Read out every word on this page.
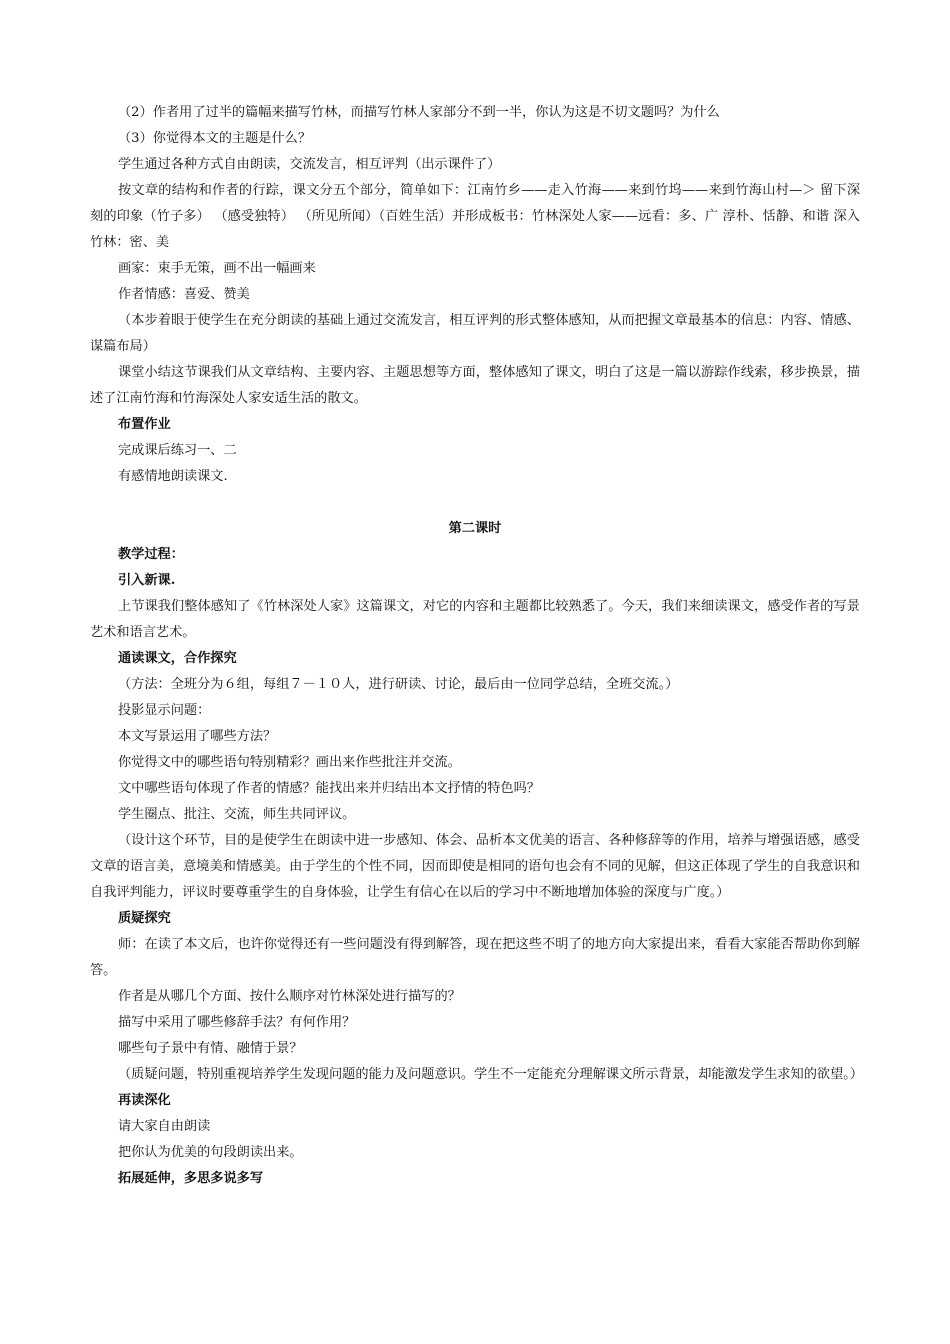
（2）作者用了过半的篇幅来描写竹林，而描写竹林人家部分不到一半，你认为这是不切文题吗？为什么

（3）你觉得本文的主题是什么？

学生通过各种方式自由朗读，交流发言，相互评判（出示课件了）

按文章的结构和作者的行踪，课文分五个部分，简单如下：江南竹乡——走入竹海——来到竹坞——来到竹海山村—＞ 留下深刻的印象（竹子多） （感受独特） （所见所闻）（百姓生活）并形成板书：竹林深处人家——远看：多、广 淳朴、恬静、和谐 深入竹林：密、美

画家：束手无策，画不出一幅画来

作者情感：喜爱、赞美

（本步着眼于使学生在充分朗读的基础上通过交流发言，相互评判的形式整体感知，从而把握文章最基本的信息：内容、情感、谋篇布局）

课堂小结这节课我们从文章结构、主要内容、主题思想等方面，整体感知了课文，明白了这是一篇以游踪作线索，移步换景，描述了江南竹海和竹海深处人家安适生活的散文。

布置作业

完成课后练习一、二

有感情地朗读课文.

第二课时

教学过程：

引入新课.

上节课我们整体感知了《竹林深处人家》这篇课文，对它的内容和主题都比较熟悉了。今天，我们来细读课文，感受作者的写景艺术和语言艺术。

通读课文，合作探究

（方法：全班分为６组，每组７－１０人，进行研读、讨论，最后由一位同学总结，全班交流。）

投影显示问题：

本文写景运用了哪些方法？

你觉得文中的哪些语句特别精彩？画出来作些批注并交流。

文中哪些语句体现了作者的情感？能找出来并归结出本文抒情的特色吗？

学生圈点、批注、交流，师生共同评议。

（设计这个环节，目的是使学生在朗读中进一步感知、体会、品析本文优美的语言、各种修辞等的作用，培养与增强语感，感受文章的语言美，意境美和情感美。由于学生的个性不同，因而即使是相同的语句也会有不同的见解，但这正体现了学生的自我意识和自我评判能力，评议时要尊重学生的自身体验，让学生有信心在以后的学习中不断地增加体验的深度与广度。）

质疑探究

师：在读了本文后，也许你觉得还有一些问题没有得到解答，现在把这些不明了的地方向大家提出来，看看大家能否帮助你到解答。

作者是从哪几个方面、按什么顺序对竹林深处进行描写的？

描写中采用了哪些修辞手法？有何作用？

哪些句子景中有情、融情于景？

（质疑问题，特别重视培养学生发现问题的能力及问题意识。学生不一定能充分理解课文所示背景，却能激发学生求知的欲望。）

再读深化

请大家自由朗读

把你认为优美的句段朗读出来。

拓展延伸，多思多说多写
